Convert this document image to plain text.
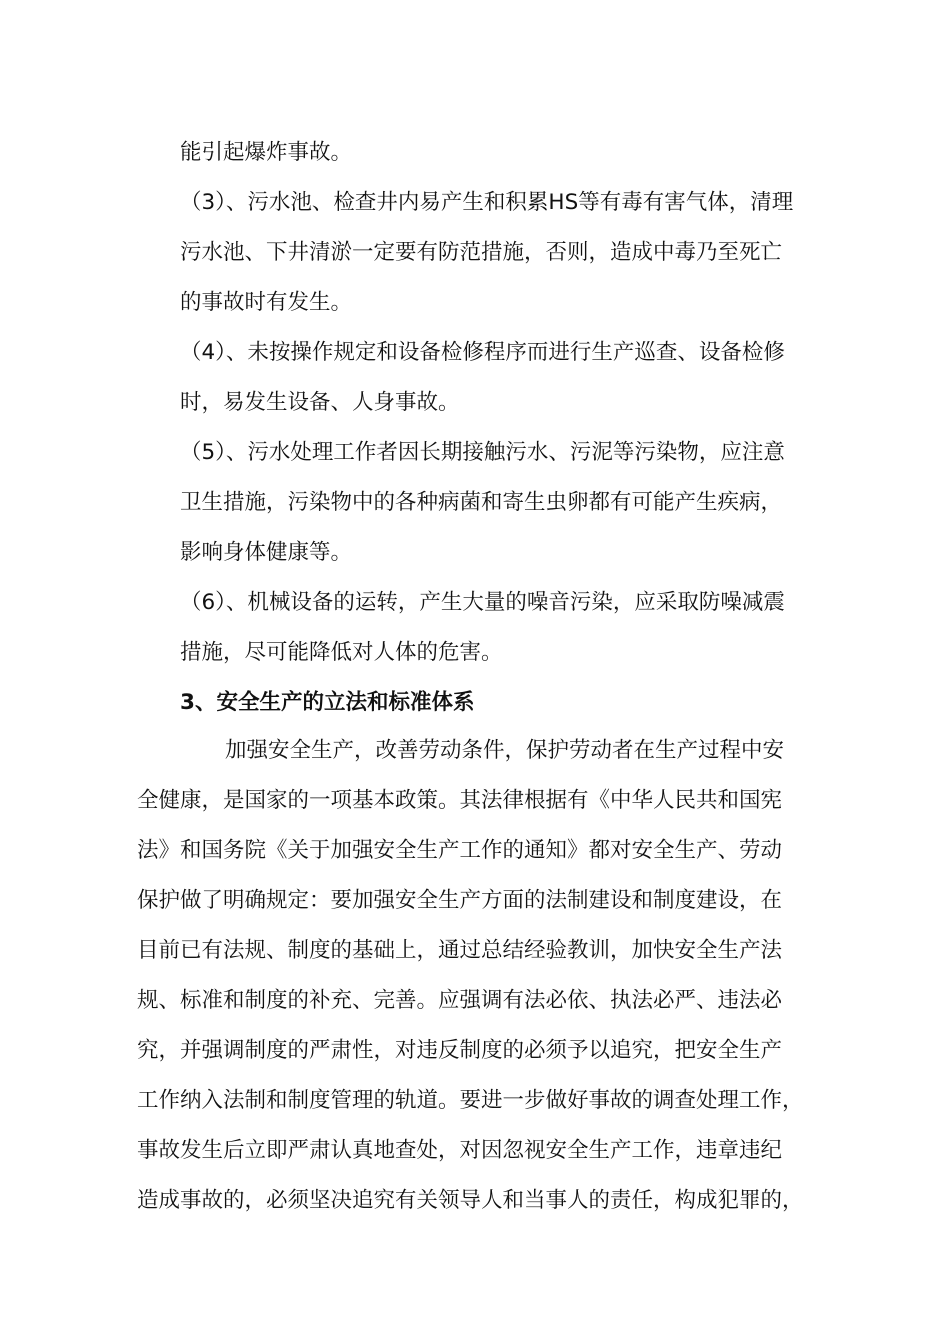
能引起爆炸事故。
（3）、污水池、检查井内易产生和积累HS等有毒有害气体，清理
污水池、下井清淤一定要有防范措施，否则，造成中毒乃至死亡
的事故时有发生。
（4）、未按操作规定和设备检修程序而进行生产巡查、设备检修
时，易发生设备、人身事故。
（5）、污水处理工作者因长期接触污水、污泥等污染物，应注意
卫生措施，污染物中的各种病菌和寄生虫卵都有可能产生疾病，
影响身体健康等。
（6）、机械设备的运转，产生大量的噪音污染，应采取防噪减震
措施，尽可能降低对人体的危害。
3、安全生产的立法和标准体系
加强安全生产，改善劳动条件，保护劳动者在生产过程中安
全健康，是国家的一项基本政策。其法律根据有《中华人民共和国宪
法》和国务院《关于加强安全生产工作的通知》都对安全生产、劳动
保护做了明确规定：要加强安全生产方面的法制建设和制度建设，在
目前已有法规、制度的基础上，通过总结经验教训，加快安全生产法
规、标准和制度的补充、完善。应强调有法必依、执法必严、违法必
究，并强调制度的严肃性，对违反制度的必须予以追究，把安全生产
工作纳入法制和制度管理的轨道。要进一步做好事故的调查处理工作，
事故发生后立即严肃认真地查处，对因忽视安全生产工作，违章违纪
造成事故的，必须坚决追究有关领导人和当事人的责任，构成犯罪的，
